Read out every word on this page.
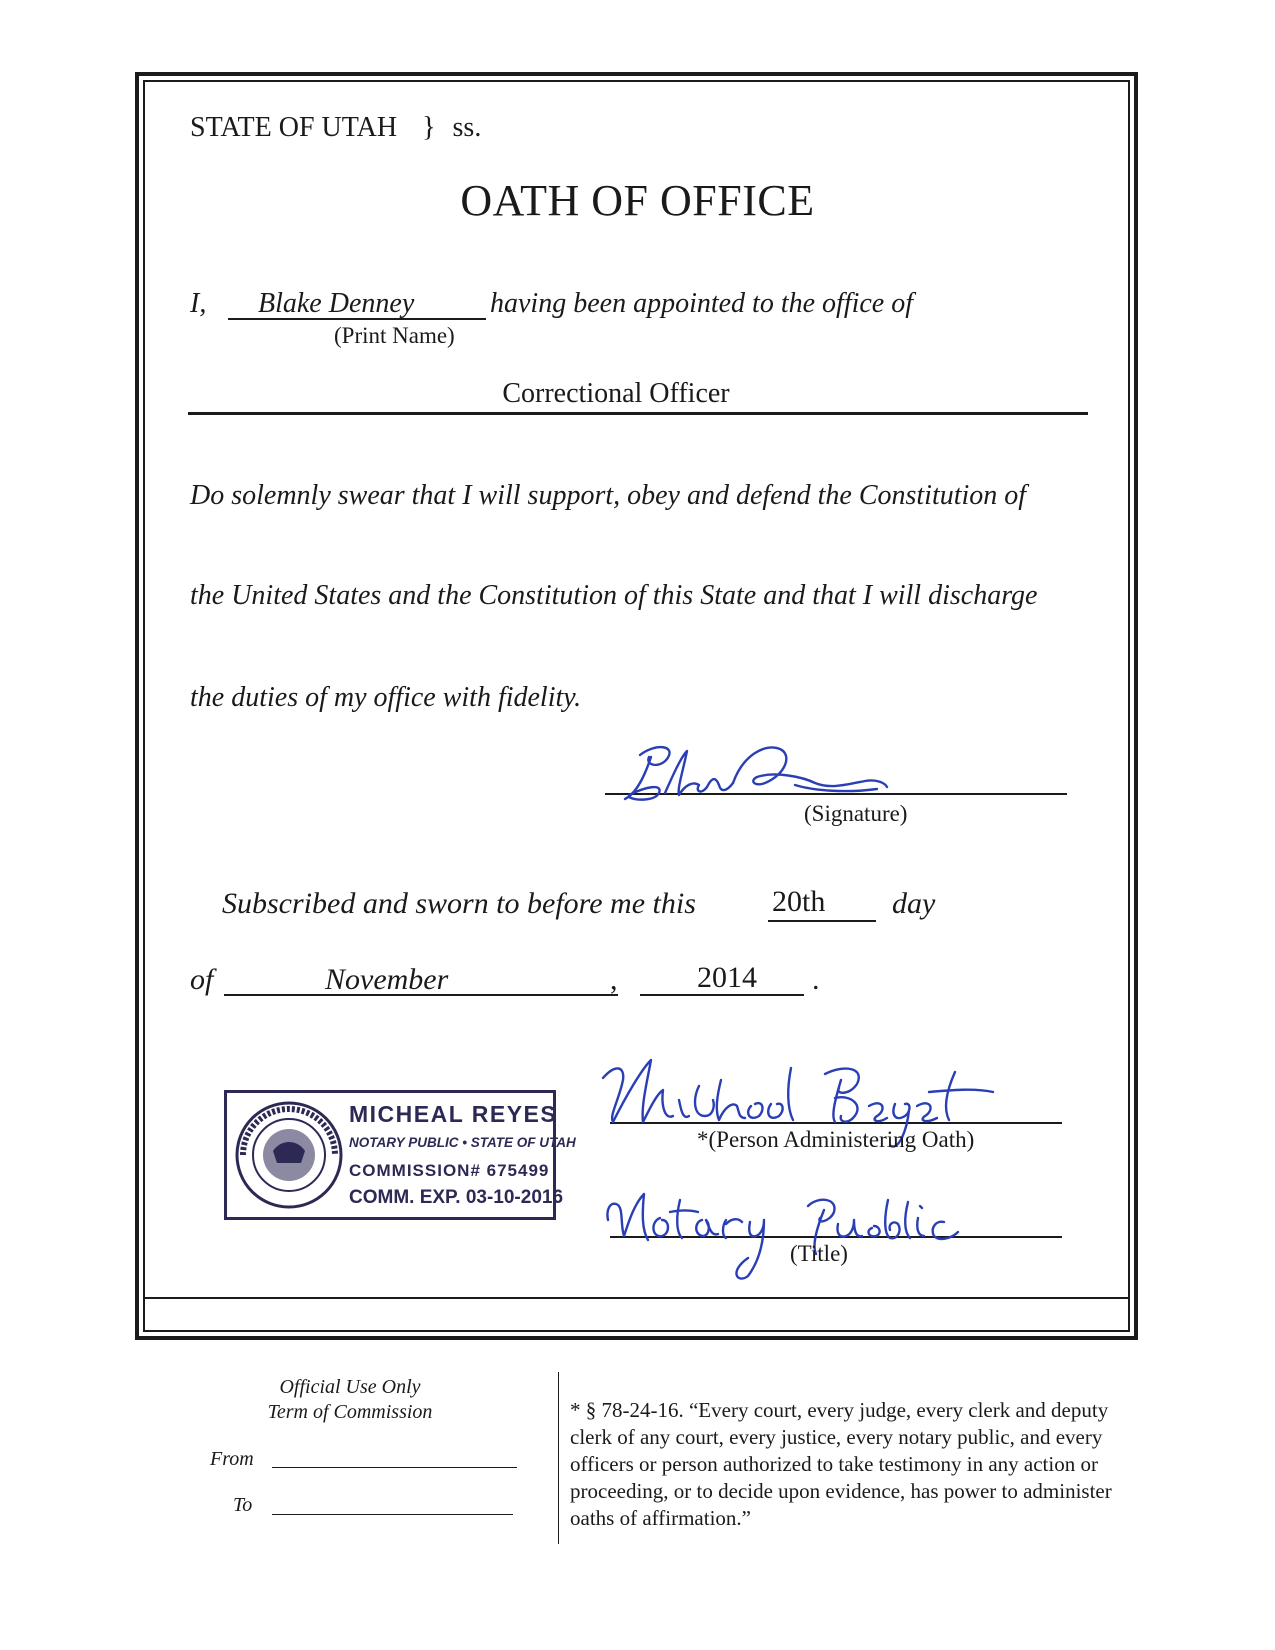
STATE OF UTAH } ss.
OATH OF OFFICE
I, Blake Denney	having been appointed to the office of
(Print Name)
Correctional Officer
Do solemnly swear that I will support, obey and defend the Constitution of
the United States and the Constitution of this State and that I will discharge
the duties of my office with fidelity.
(Signature)
Subscribed and sworn to before me this	20th day
of	November	,	2014 .
MICHEAL REYES
NOTARY PUBLIC • STATE OF UTAH
COMMISSION# 675499
COMM. EXP. 03-10-2016
*(Person Administering Oath)
(Title)
Official Use Only
Term of Commission
From
To
* § 78-24-16. “Every court, every judge, every clerk and deputy clerk of any court, every justice, every notary public, and every officers or person authorized to take testimony in any action or proceeding, or to decide upon evidence, has power to administer oaths of affirmation.”
